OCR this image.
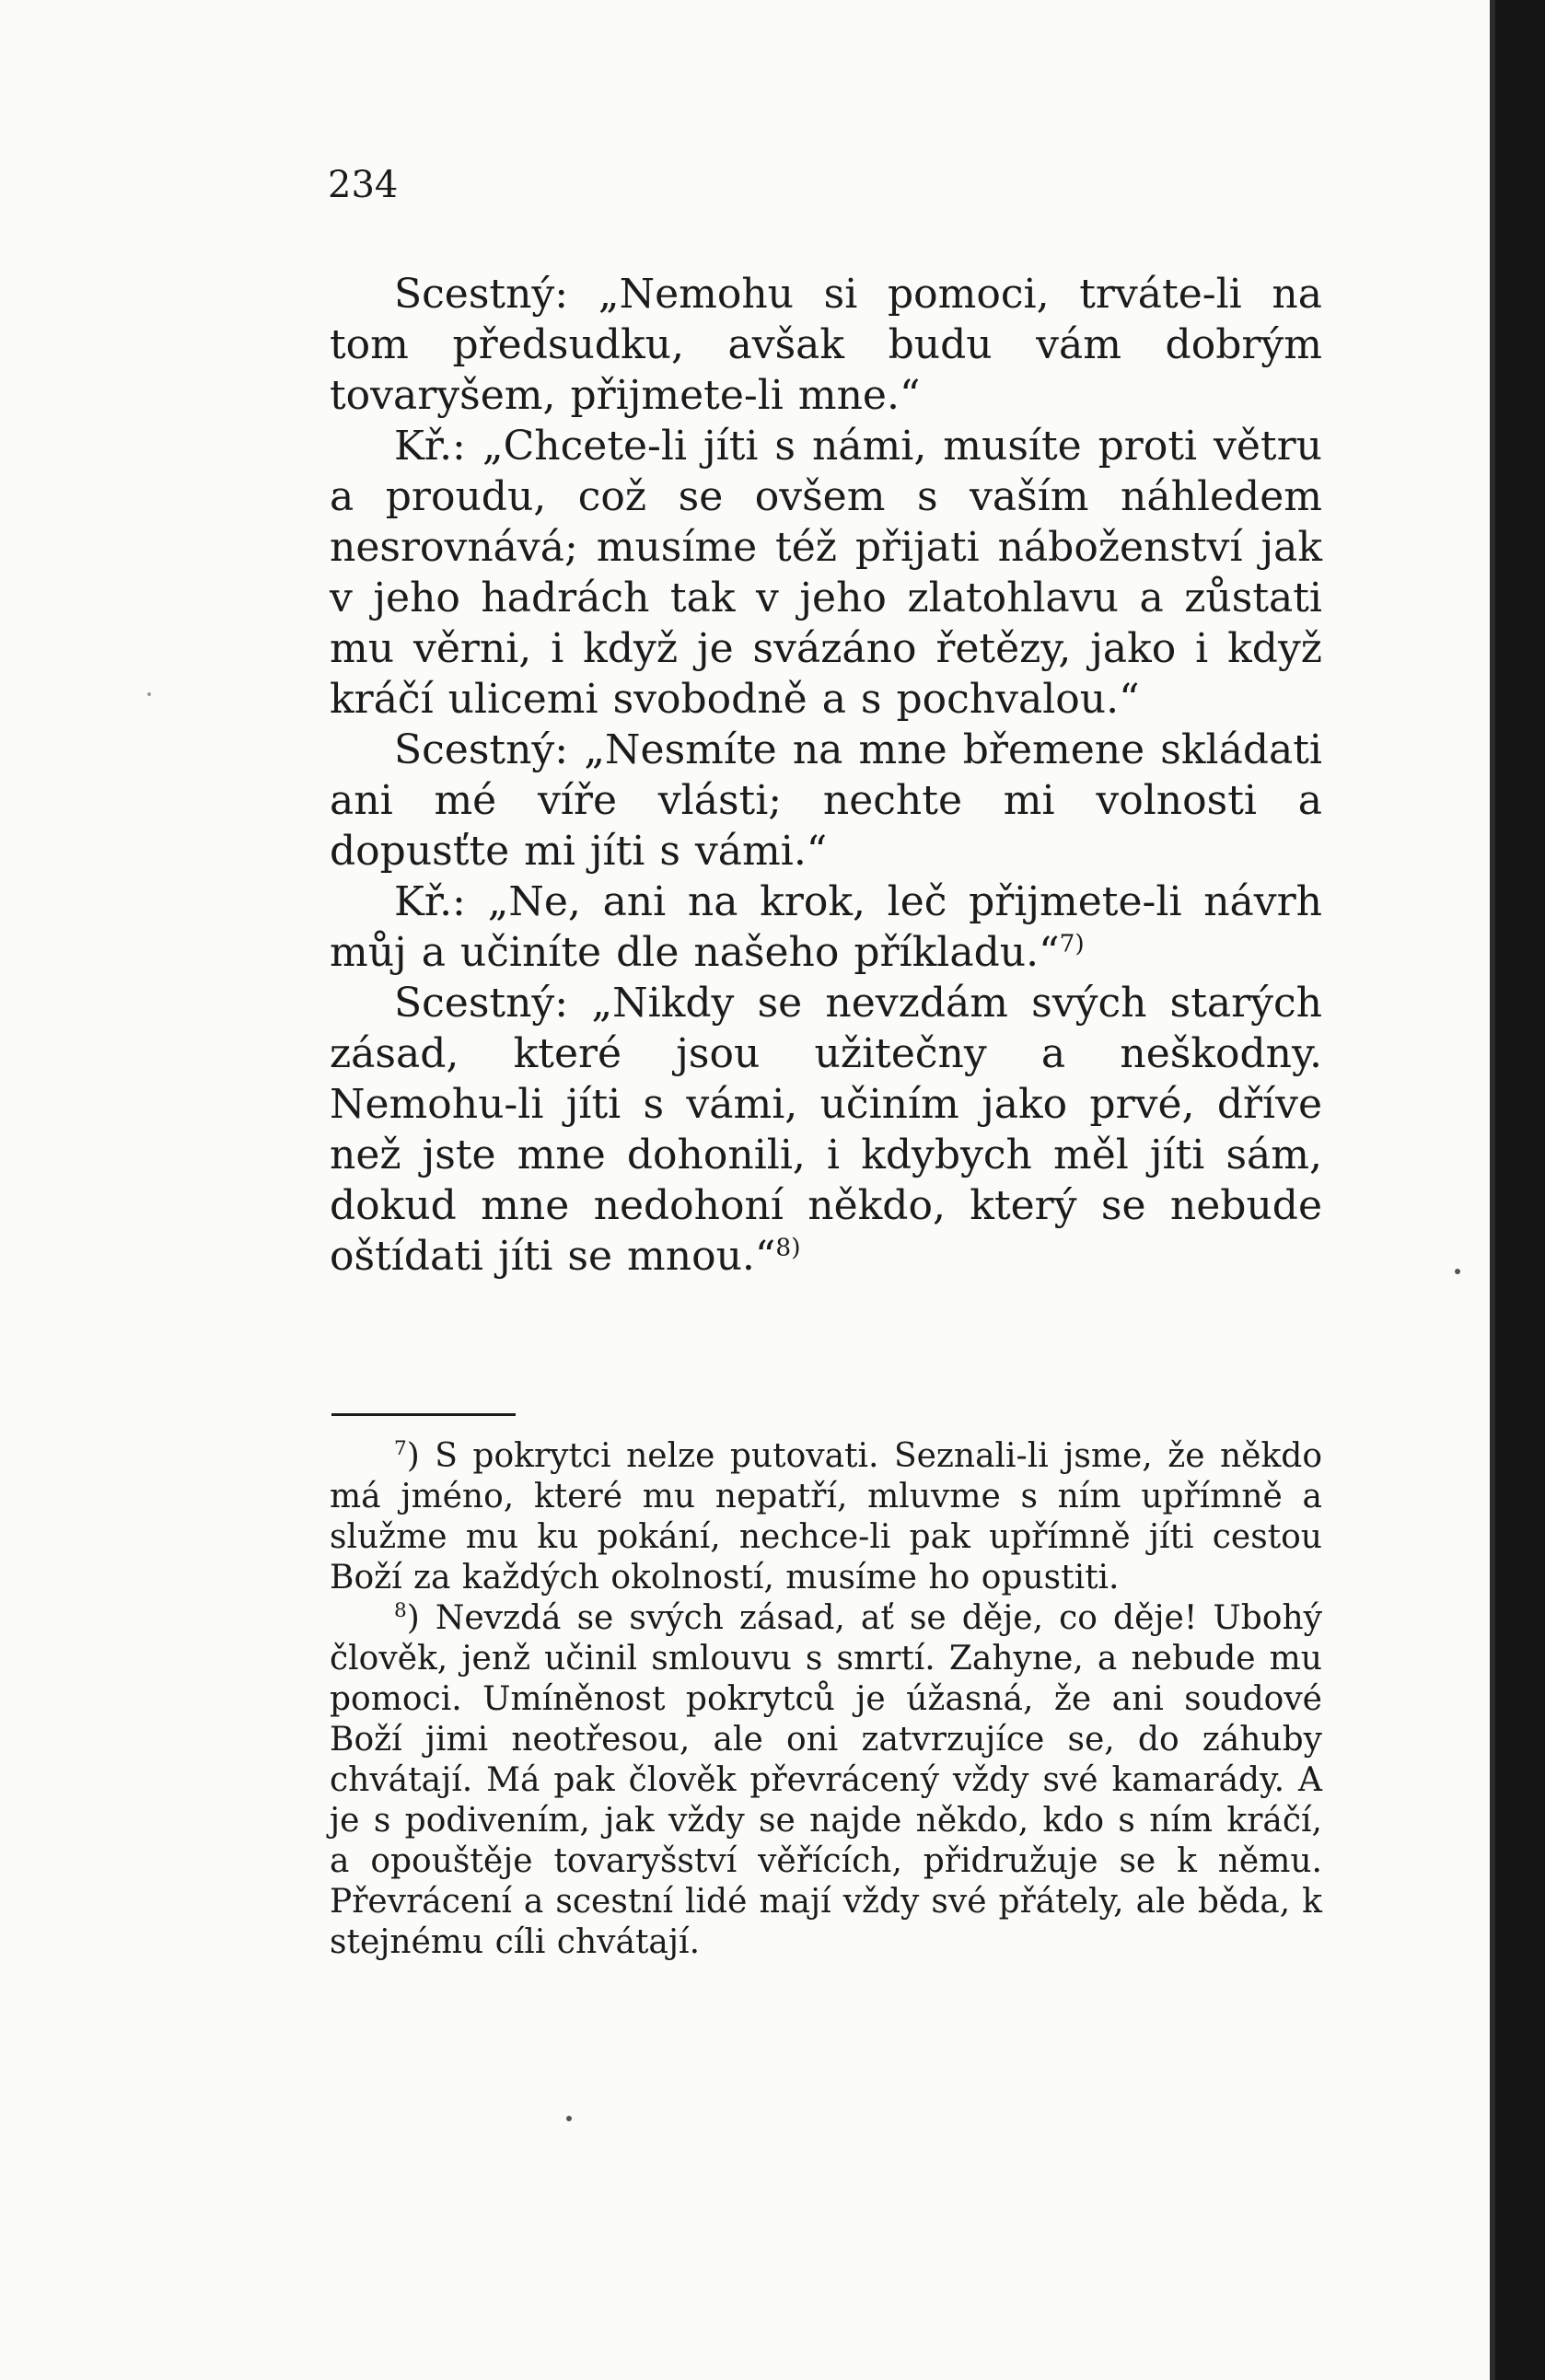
234

Scestný: „Nemohu si pomoci, trváte-li na tom předsudku, avšak budu vám dobrým tovaryšem, přijmete-li mne.“

Kř.: „Chcete-li jíti s námi, musíte proti větru a proudu, což se ovšem s vaším náhledem nesrovnává; musíme též přijati náboženství jak v jeho hadrách tak v jeho zlatohlavu a zůstati mu věrni, i když je svázáno řetězy, jako i když kráčí ulicemi svobodně a s pochvalou.“

Scestný: „Nesmíte na mne břemene skládati ani mé víře vlásti; nechte mi volnosti a dopusťte mi jíti s vámi.“

Kř.: „Ne, ani na krok, leč přijmete-li návrh můj a učiníte dle našeho příkladu.“$^{7)}$

Scestný: „Nikdy se nevzdám svých starých zásad, které jsou užitečny a neškodny. Nemohu-li jíti s vámi, učiním jako prvé, dříve než jste mne dohonili, i kdybych měl jíti sám, dokud mne nedohoní někdo, který se nebude oštídati jíti se mnou.“$^{8)}$

$^7$) S pokrytci nelze putovati. Seznali-li jsme, že někdo má jméno, které mu nepatří, mluvme s ním upřímně a služme mu ku pokání, nechce-li pak upřímně jíti cestou Boží za každých okolností, musíme ho opustiti.

$^8$) Nevzdá se svých zásad, ať se děje, co děje! Ubohý člověk, jenž učinil smlouvu s smrtí. Zahyne, a nebude mu pomoci. Umíněnost pokrytců je úžasná, že ani soudové Boží jimi neotřesou, ale oni zatvrzujíce se, do záhuby chvátají. Má pak člověk převrácený vždy své kamarády. A je s podivením, jak vždy se najde někdo, kdo s ním kráčí, a opouštěje tovaryšství věřících, přidružuje se k němu. Převrácení a scestní lidé mají vždy své přátely, ale běda, k stejnému cíli chvátají.
